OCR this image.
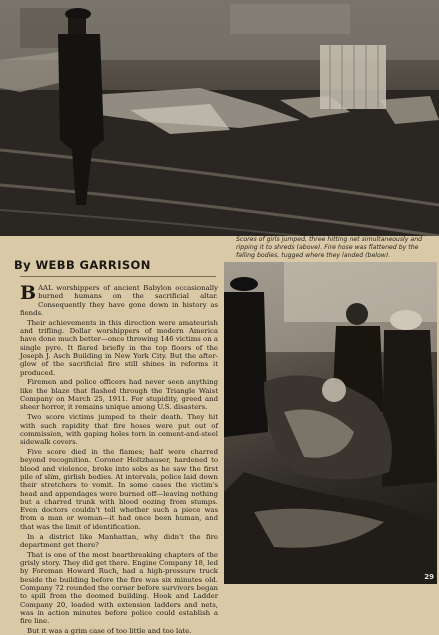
Scores of girls jumped, three hitting net simultaneously and ripping it to shreds (above). Fire hose was flattened by the falling bodies, tugged where they landed (below).
By WEBB GARRISON

BAAL worshippers of ancient Babylon occasionally burned humans on the sacrificial altar. Consequently they have gone down in history as fiends.

Their achievements in this direction were amateurish and trifling. Dollar worshippers of modern America have done much better—once throwing 146 victims on a single pyre. It flared briefly in the top floors of the Joseph J. Asch Building in New York City. But the after-glow of the sacrificial fire still shines in reforms it produced.

Firemen and police officers had never seen anything like the blaze that flashed through the Triangle Waist Company on March 25, 1911. For stupidity, greed and sheer horror, it remains unique among U.S. disasters.

Two score victims jumped to their death. They hit with such rapidity that fire hoses were put out of commission, with gaping holes torn in cement-and-steel sidewalk covers.

Five score died in the flames; half were charred beyond recognition. Coroner Holtzhauser, hardened to blood and violence, broke into sobs as he saw the first pile of slim, girlish bodies. At intervals, police laid down their stretchers to vomit. In some cases the victim's head and appendages were burned off—leaving nothing but a charred trunk with blood oozing from stumps. Even doctors couldn't tell whether such a piece was from a man or woman—it had once been human, and that was the limit of identification.

In a district like Manhattan, why didn't the fire department get there?

That is one of the most heartbreaking chapters of the grisly story. They did get there. Engine Company 18, led by Foreman Howard Ruch, had a high-pressure truck beside the building before the fire was six minutes old. Company 72 rounded the corner before survivors began to spill from the doomed building. Hook and Ladder Company 20, loaded with extension ladders and nets, was in action minutes before police could establish a fire line.

But it was a grim case of too little and too late.

29
